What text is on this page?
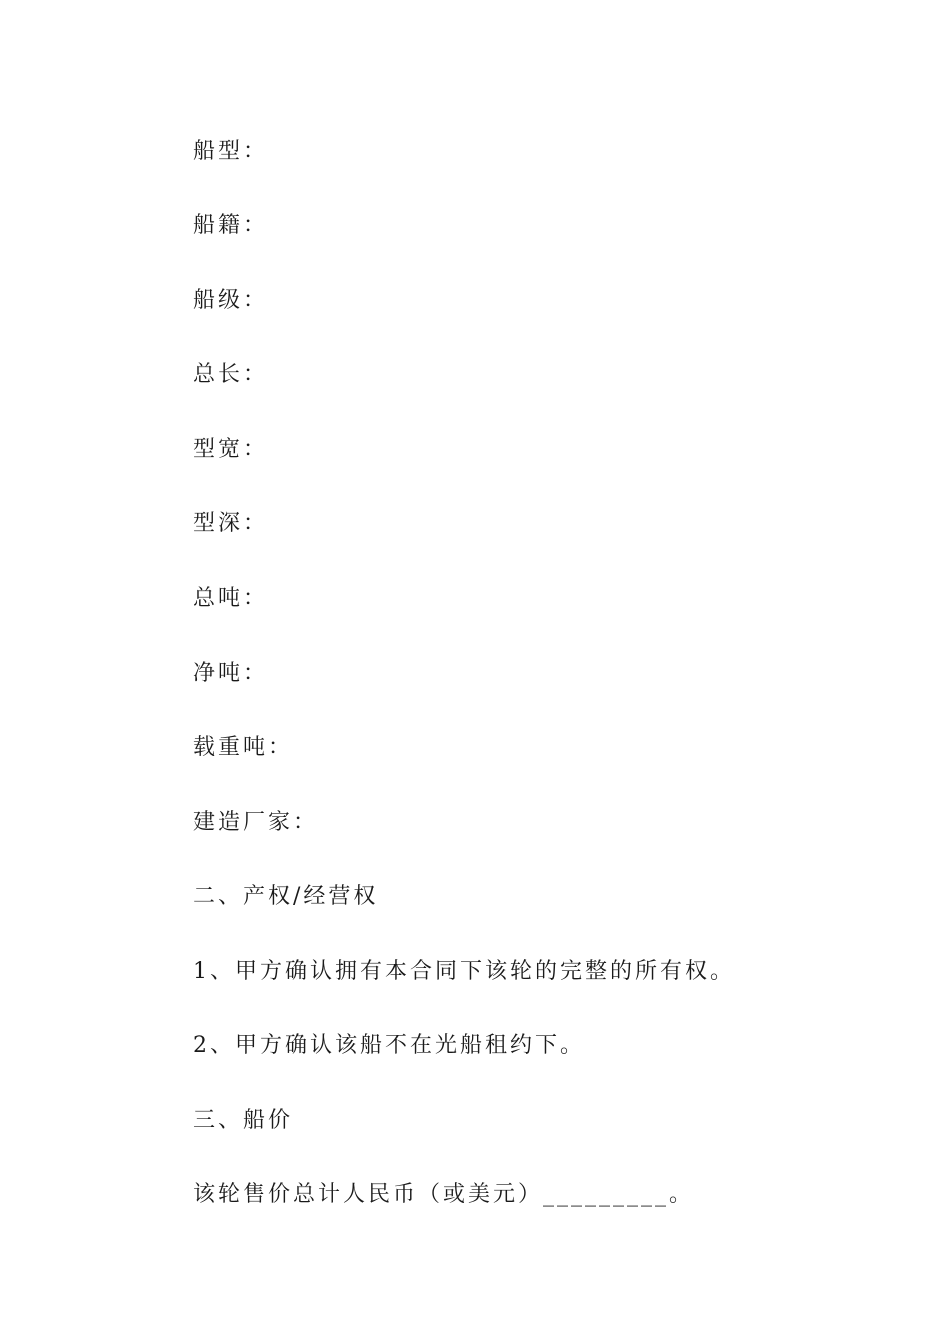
船型：
船籍：
船级：
总长：
型宽：
型深：
总吨：
净吨：
载重吨：
建造厂家：
二、产权/经营权
1、甲方确认拥有本合同下该轮的完整的所有权。
2、甲方确认该船不在光船租约下。
三、船价
该轮售价总计人民币（或美元）_________。
